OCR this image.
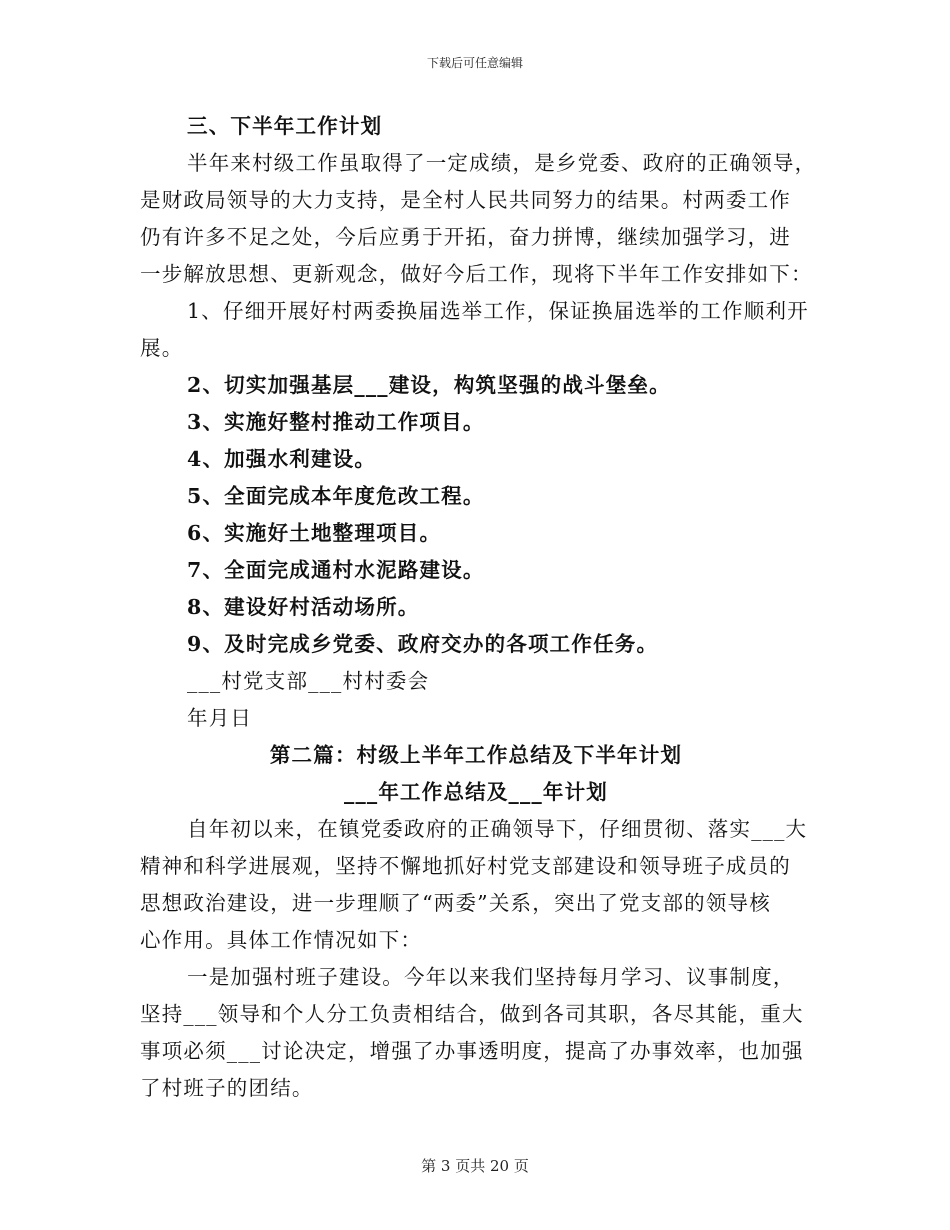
下载后可任意编辑
三、下半年工作计划
半年来村级工作虽取得了一定成绩，是乡党委、政府的正确领导，
是财政局领导的大力支持，是全村人民共同努力的结果。村两委工作
仍有许多不足之处，今后应勇于开拓，奋力拼博，继续加强学习，进
一步解放思想、更新观念，做好今后工作，现将下半年工作安排如下：
1、仔细开展好村两委换届选举工作，保证换届选举的工作顺利开
展。
2、切实加强基层___建设，构筑坚强的战斗堡垒。
3、实施好整村推动工作项目。
4、加强水利建设。
5、全面完成本年度危改工程。
6、实施好土地整理项目。
7、全面完成通村水泥路建设。
8、建设好村活动场所。
9、及时完成乡党委、政府交办的各项工作任务。
___村党支部___村村委会
年月日
第二篇：村级上半年工作总结及下半年计划
___年工作总结及___年计划
自年初以来，在镇党委政府的正确领导下，仔细贯彻、落实___大
精神和科学进展观，坚持不懈地抓好村党支部建设和领导班子成员的
思想政治建设，进一步理顺了“两委”关系，突出了党支部的领导核
心作用。具体工作情况如下：
一是加强村班子建设。今年以来我们坚持每月学习、议事制度，
坚持___领导和个人分工负责相结合，做到各司其职，各尽其能，重大
事项必须___讨论决定，增强了办事透明度，提高了办事效率，也加强
了村班子的团结。
第 3 页共 20 页
